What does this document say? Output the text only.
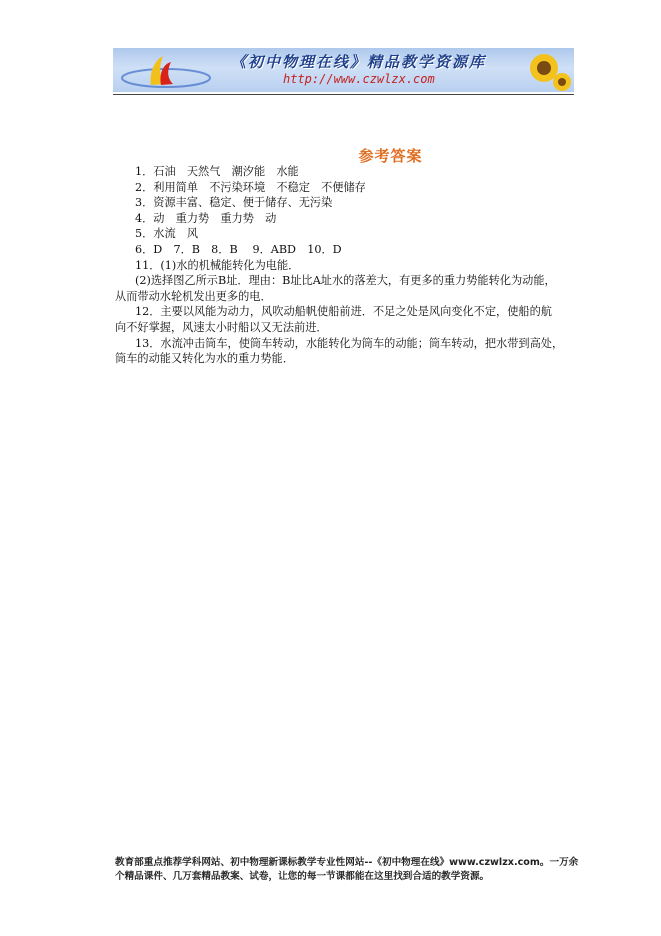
《初中物理在线》精品教学资源库
http://www.czwlzx.com
参考答案

1．石油　天然气　潮汐能　水能

2．利用简单　不污染环境　不稳定　不便储存

3．资源丰富、稳定、便于储存、无污染

4．动　重力势　重力势　动

5．水流　风

6．D　7．B　8．B　 9．ABD　10．D

11．(1)水的机械能转化为电能．

(2)选择图乙所示B址．理由：B址比A址水的落差大，有更多的重力势能转化为动能，

从而带动水轮机发出更多的电．

12．主要以风能为动力，风吹动船帆使船前进．不足之处是风向变化不定，使船的航

向不好掌握，风速太小时船以又无法前进．

13．水流冲击筒车，使筒车转动，水能转化为筒车的动能；筒车转动，把水带到高处，

筒车的动能又转化为水的重力势能．

教育部重点推荐学科网站、初中物理新课标教学专业性网站--《初中物理在线》www.czwlzx.com。一万余

个精品课件、几万套精品教案、试卷，让您的每一节课都能在这里找到合适的教学资源。
